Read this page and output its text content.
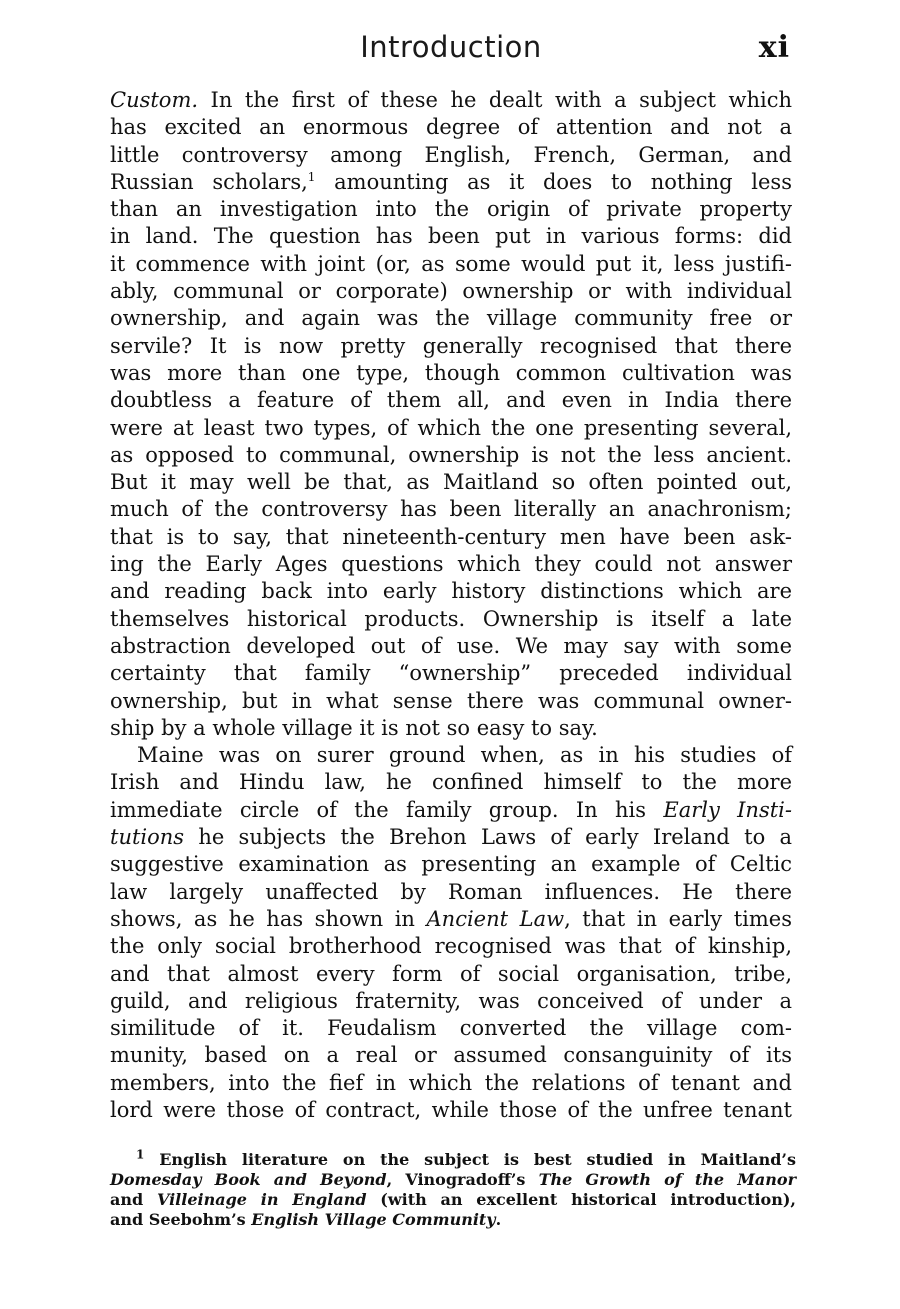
Introduction	xi
Custom. In the first of these he dealt with a subject which
has excited an enormous degree of attention and not a
little controversy among English, French, German, and
Russian scholars,$^1$ amounting as it does to nothing less
than an investigation into the origin of private property
in land. The question has been put in various forms: did
it commence with joint (or, as some would put it, less justifi-
ably, communal or corporate) ownership or with individual
ownership, and again was the village community free or
servile? It is now pretty generally recognised that there
was more than one type, though common cultivation was
doubtless a feature of them all, and even in India there
were at least two types, of which the one presenting several,
as opposed to communal, ownership is not the less ancient.
But it may well be that, as Maitland so often pointed out,
much of the controversy has been literally an anachronism;
that is to say, that nineteenth-century men have been ask-
ing the Early Ages questions which they could not answer
and reading back into early history distinctions which are
themselves historical products. Ownership is itself a late
abstraction developed out of use. We may say with some
certainty that family “ownership” preceded individual
ownership, but in what sense there was communal owner-
ship by a whole village it is not so easy to say.
Maine was on surer ground when, as in his studies of
Irish and Hindu law, he confined himself to the more
immediate circle of the family group. In his Early Insti-
tutions he subjects the Brehon Laws of early Ireland to a
suggestive examination as presenting an example of Celtic
law largely unaffected by Roman influences. He there
shows, as he has shown in Ancient Law, that in early times
the only social brotherhood recognised was that of kinship,
and that almost every form of social organisation, tribe,
guild, and religious fraternity, was conceived of under a
similitude of it. Feudalism converted the village com-
munity, based on a real or assumed consanguinity of its
members, into the fief in which the relations of tenant and
lord were those of contract, while those of the unfree tenant
$^1$ English literature on the subject is best studied in Maitland’s
Domesday Book and Beyond, Vinogradoff’s The Growth of the Manor
and Villeinage in England (with an excellent historical introduction),
and Seebohm’s English Village Community.
